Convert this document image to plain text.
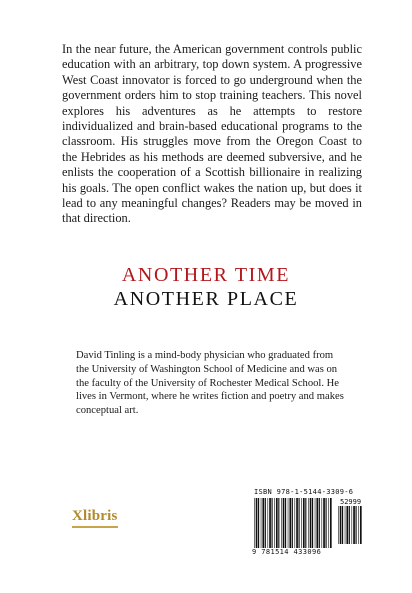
In the near future, the American government controls public education with an arbitrary, top down system. A progressive West Coast innovator is forced to go underground when the government orders him to stop training teachers. This novel explores his adventures as he attempts to restore individualized and brain-based educational programs to the classroom. His struggles move from the Oregon Coast to the Hebrides as his methods are deemed subversive, and he enlists the cooperation of a Scottish billionaire in realizing his goals. The open conflict wakes the nation up, but does it lead to any meaningful changes? Readers may be moved in that direction.

ANOTHER TIME
ANOTHER PLACE

David Tinling is a mind-body physician who graduated from the University of Washington School of Medicine and was on the faculty of the University of Rochester Medical School. He lives in Vermont, where he writes fiction and poetry and makes conceptual art.

Xlibris
ISBN 978-1-5144-3309-6
52999
9 781514 433096
